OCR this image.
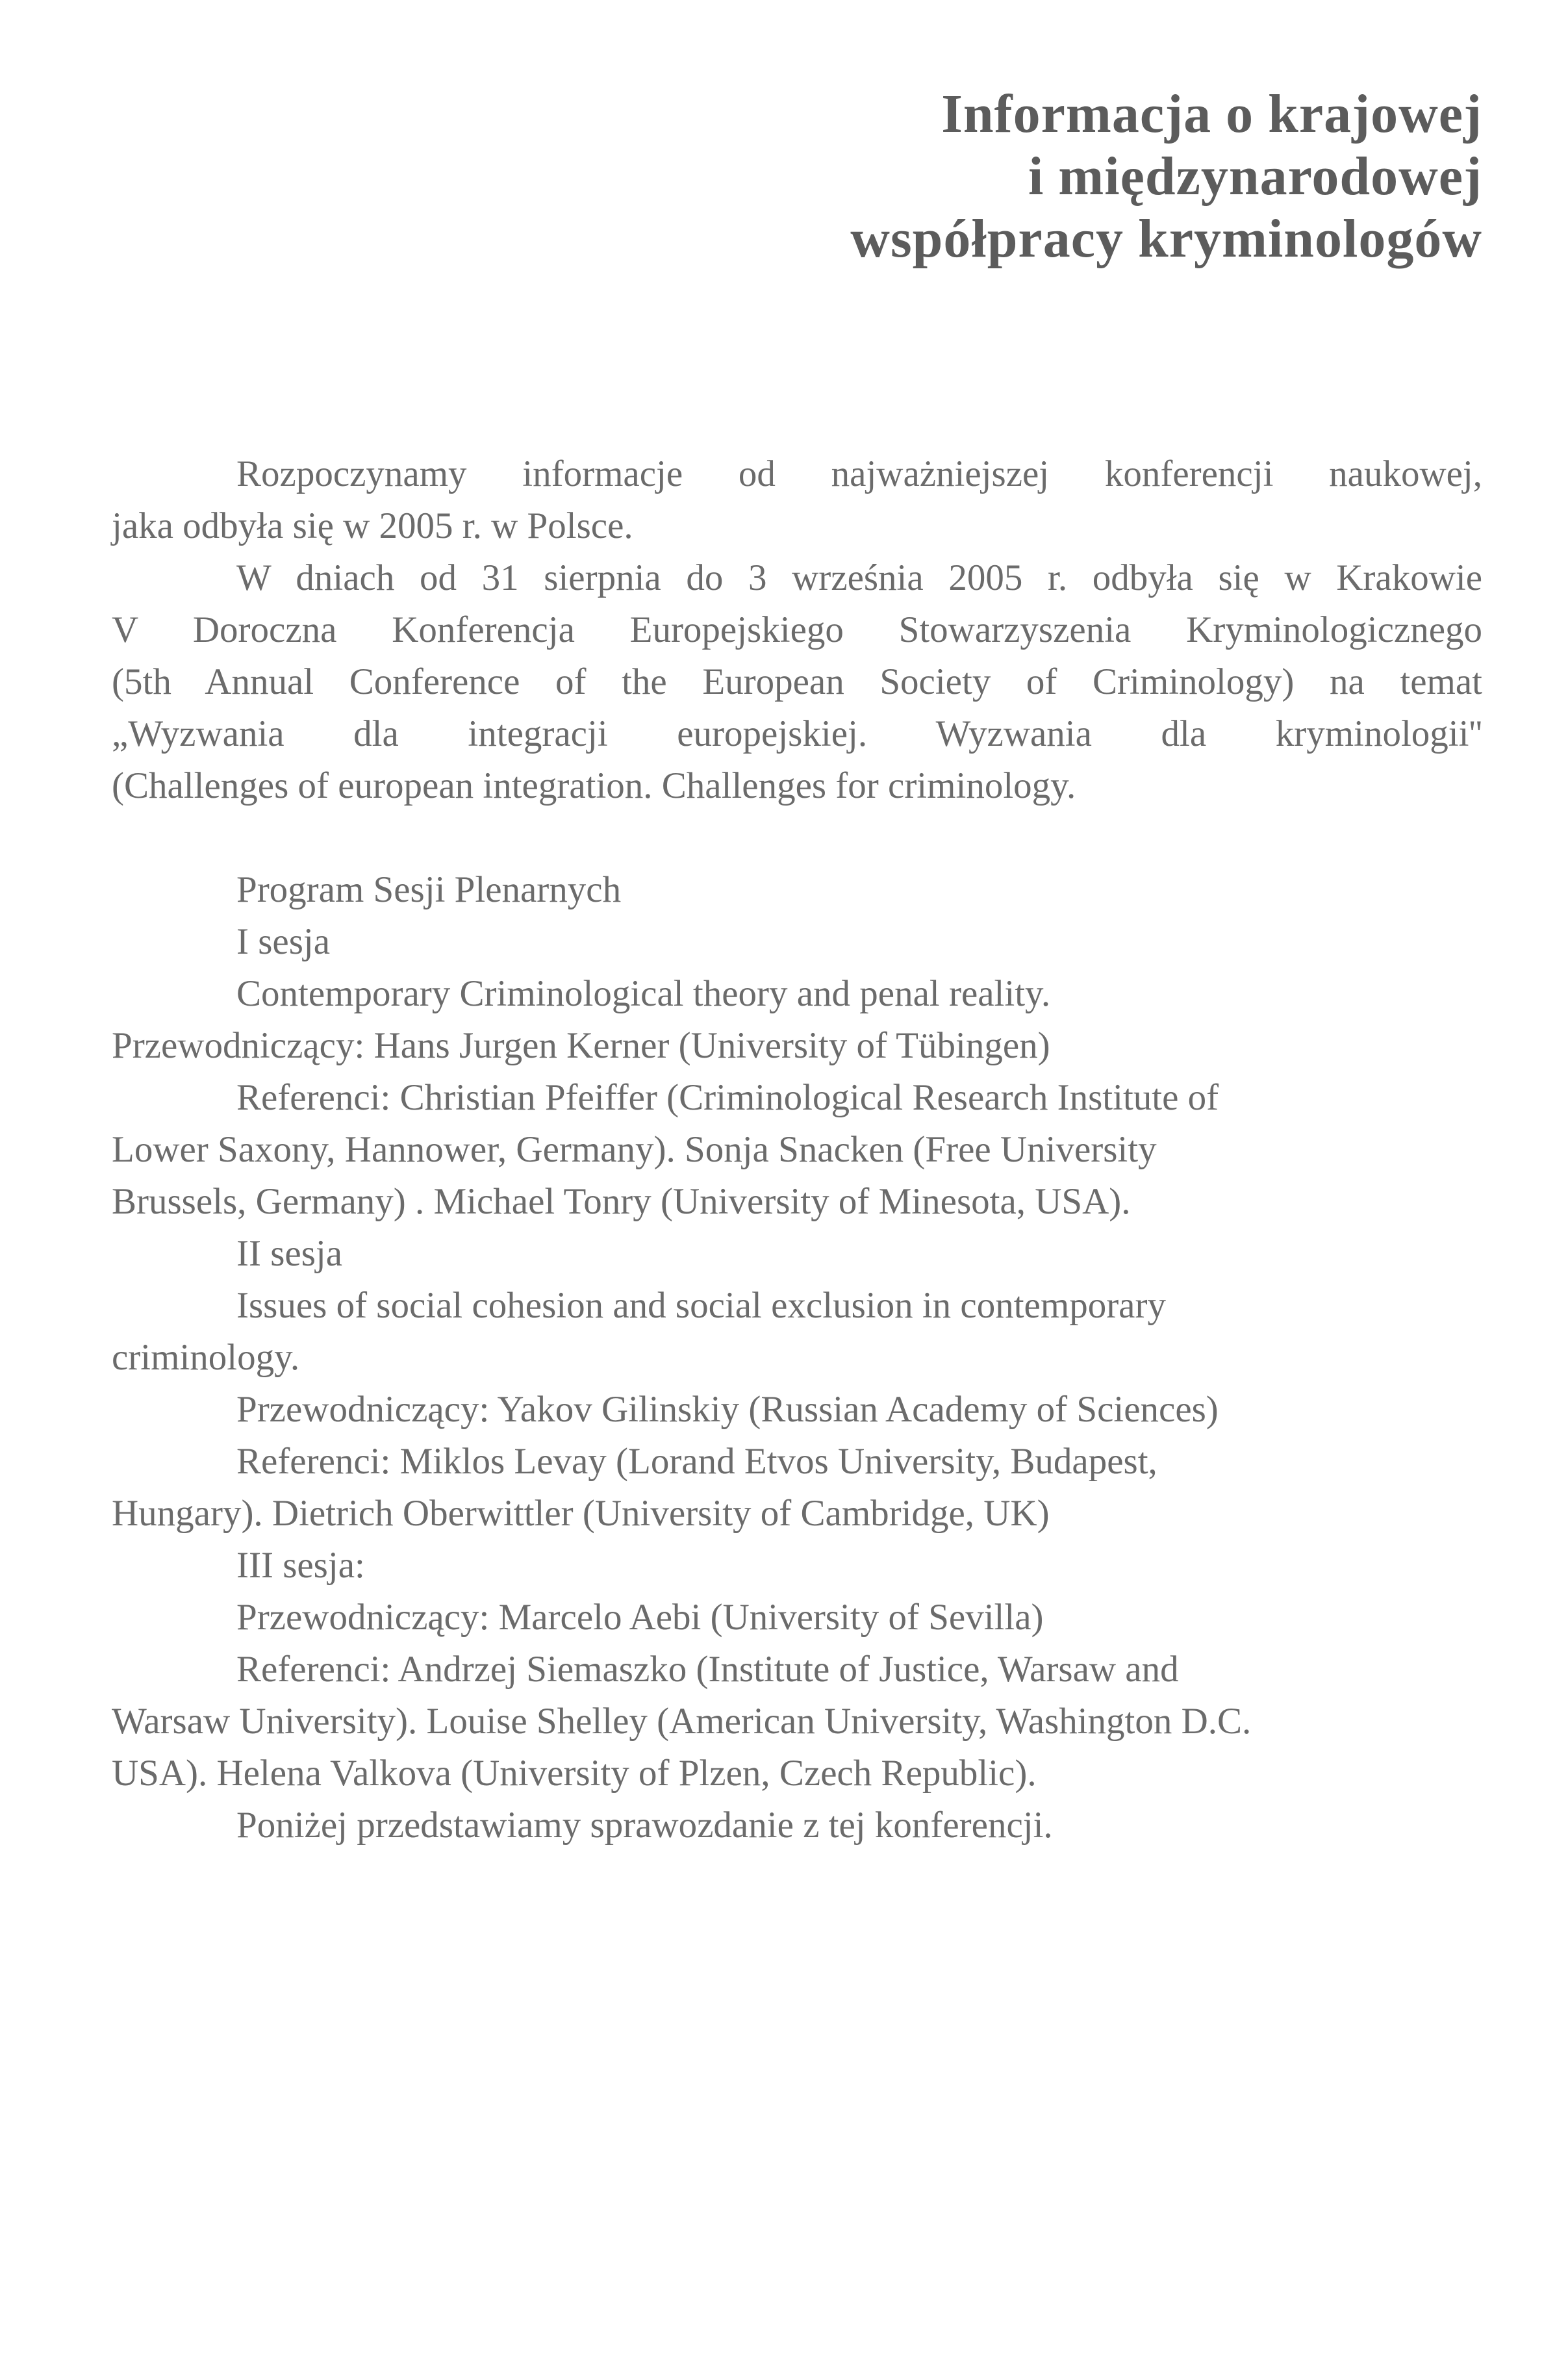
Informacja o krajowej
i międzynarodowej
współpracy kryminologów
Rozpoczynamy informacje od najważniejszej konferencji naukowej,
jaka odbyła się w 2005 r. w Polsce.
W dniach od 31 sierpnia do 3 września 2005 r. odbyła się w Krakowie
V Doroczna Konferencja Europejskiego Stowarzyszenia Kryminologicznego
(5th Annual Conference of the European Society of Criminology) na temat
„Wyzwania dla integracji europejskiej. Wyzwania dla kryminologii''
(Challenges of european integration. Challenges for criminology.
Program Sesji Plenarnych
I sesja
Contemporary Criminological theory and penal reality.
Przewodniczący: Hans Jurgen Kerner (University of Tübingen)
Referenci: Christian Pfeiffer (Criminological Research Institute of
Lower Saxony, Hannower, Germany). Sonja Snacken (Free University
Brussels, Germany) . Michael Tonry (University of Minesota, USA).
II sesja
Issues of social cohesion and social exclusion in contemporary
criminology.
Przewodniczący: Yakov Gilinskiy (Russian Academy of Sciences)
Referenci: Miklos Levay (Lorand Etvos University, Budapest,
Hungary). Dietrich Oberwittler (University of Cambridge, UK)
III sesja:
Przewodniczący: Marcelo Aebi (University of Sevilla)
Referenci: Andrzej Siemaszko (Institute of Justice, Warsaw and
Warsaw University). Louise Shelley (American University, Washington D.C.
USA). Helena Valkova (University of Plzen, Czech Republic).
Poniżej przedstawiamy sprawozdanie z tej konferencji.
